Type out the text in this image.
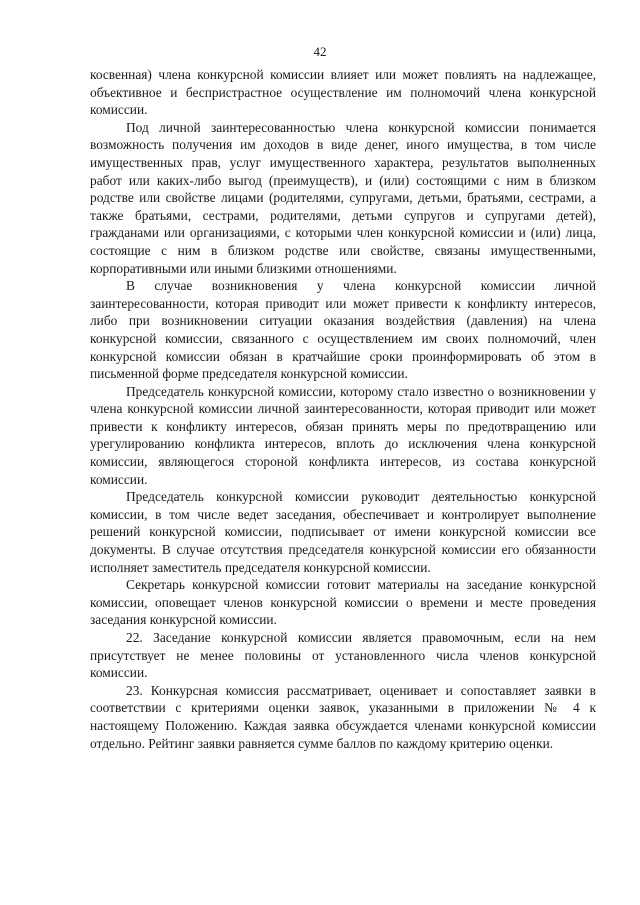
42

косвенная) члена конкурсной комиссии влияет или может повлиять на надлежащее, объективное и беспристрастное осуществление им полномочий члена конкурсной комиссии.

Под личной заинтересованностью члена конкурсной комиссии понимается возможность получения им доходов в виде денег, иного имущества, в том числе имущественных прав, услуг имущественного характера, результатов выполненных работ или каких-либо выгод (преимуществ), и (или) состоящими с ним в близком родстве или свойстве лицами (родителями, супругами, детьми, братьями, сестрами, а также братьями, сестрами, родителями, детьми супругов и супругами детей), гражданами или организациями, с которыми член конкурсной комиссии и (или) лица, состоящие с ним в близком родстве или свойстве, связаны имущественными, корпоративными или иными близкими отношениями.

В случае возникновения у члена конкурсной комиссии личной заинтересованности, которая приводит или может привести к конфликту интересов, либо при возникновении ситуации оказания воздействия (давления) на члена конкурсной комиссии, связанного с осуществлением им своих полномочий, член конкурсной комиссии обязан в кратчайшие сроки проинформировать об этом в письменной форме председателя конкурсной комиссии.

Председатель конкурсной комиссии, которому стало известно о возникновении у члена конкурсной комиссии личной заинтересованности, которая приводит или может привести к конфликту интересов, обязан принять меры по предотвращению или урегулированию конфликта интересов, вплоть до исключения члена конкурсной комиссии, являющегося стороной конфликта интересов, из состава конкурсной комиссии.

Председатель конкурсной комиссии руководит деятельностью конкурсной комиссии, в том числе ведет заседания, обеспечивает и контролирует выполнение решений конкурсной комиссии, подписывает от имени конкурсной комиссии все документы. В случае отсутствия председателя конкурсной комиссии его обязанности исполняет заместитель председателя конкурсной комиссии.

Секретарь конкурсной комиссии готовит материалы на заседание конкурсной комиссии, оповещает членов конкурсной комиссии о времени и месте проведения заседания конкурсной комиссии.

22. Заседание конкурсной комиссии является правомочным, если на нем присутствует не менее половины от установленного числа членов конкурсной комиссии.

23. Конкурсная комиссия рассматривает, оценивает и сопоставляет заявки в соответствии с критериями оценки заявок, указанными в приложении № 4 к настоящему Положению. Каждая заявка обсуждается членами конкурсной комиссии отдельно. Рейтинг заявки равняется сумме баллов по каждому критерию оценки.
